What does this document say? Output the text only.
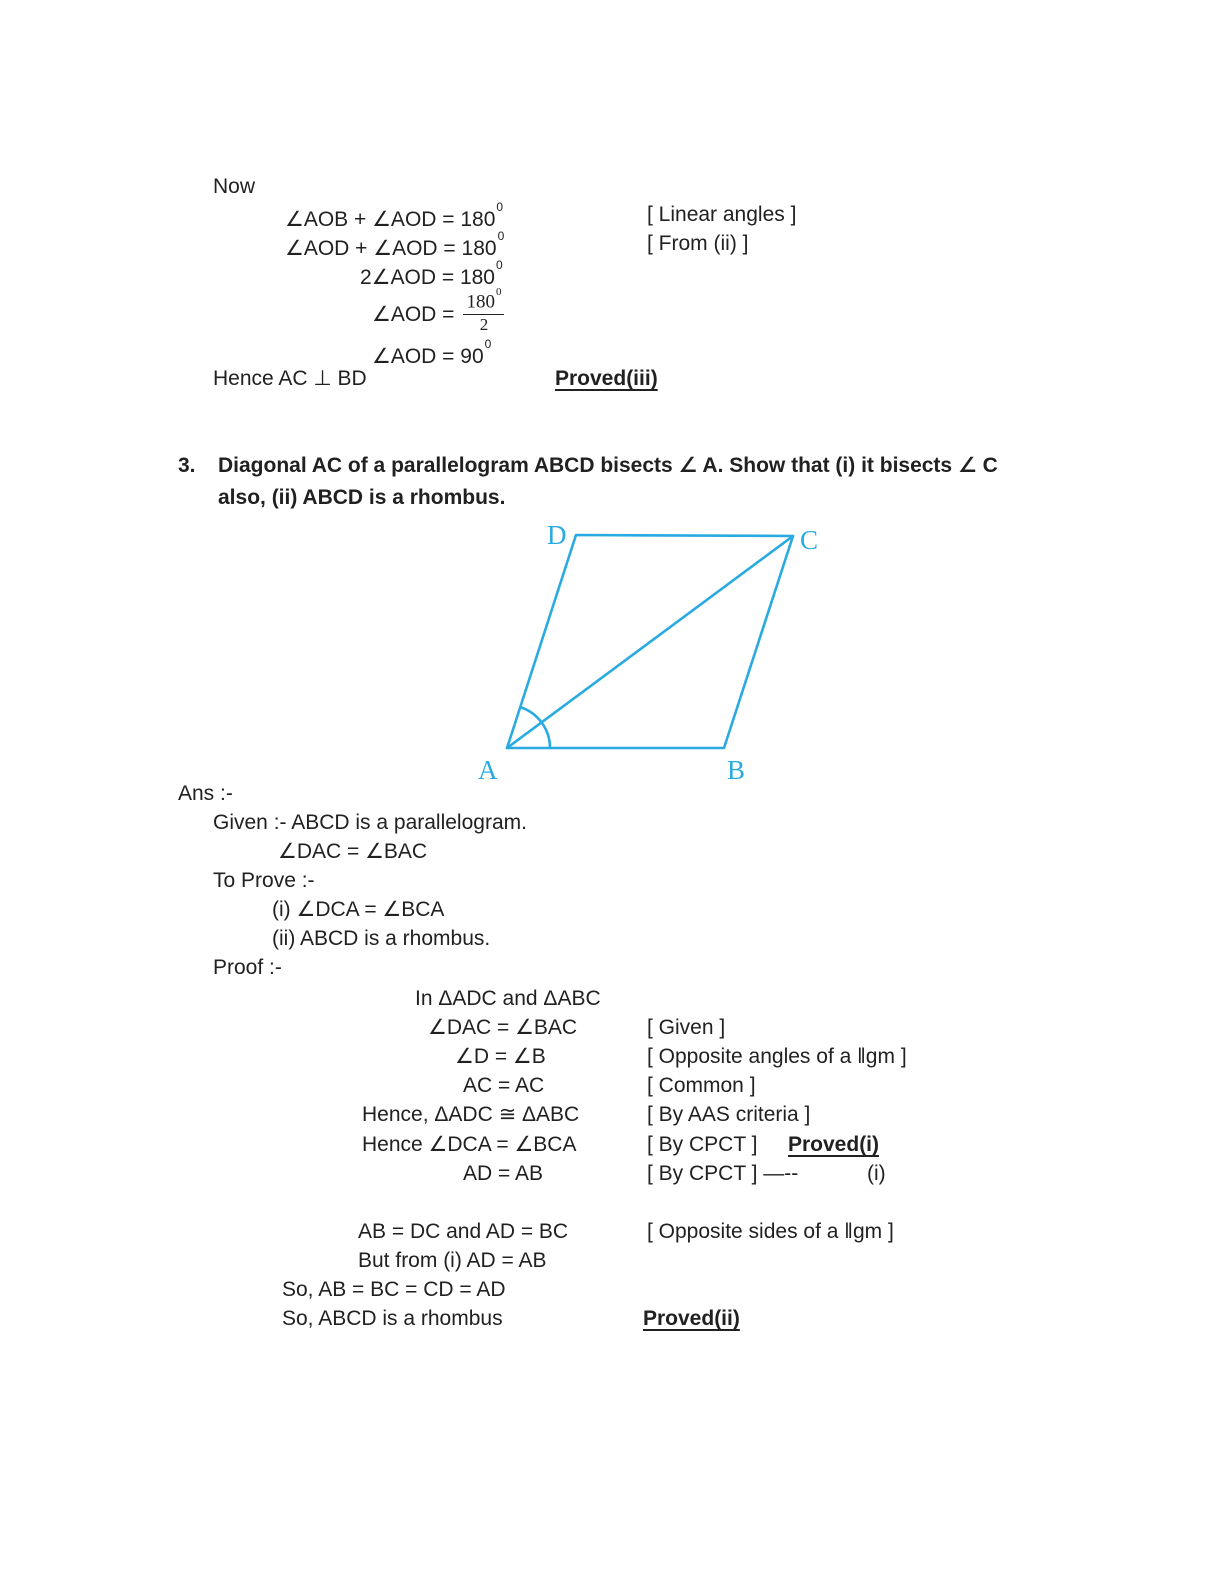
Now
∠AOB + ∠AOD = $180^0$	[ Linear angles ]
∠AOD + ∠AOD = $180^0$	[ From (ii) ]
2∠AOD = $180^0$
∠AOD = $\frac{180^0}{2}$
∠AOD = $90^0$
Hence AC ⊥ BD	Proved(iii)
3. Diagonal AC of a parallelogram ABCD bisects ∠ A. Show that (i) it bisects ∠ C
also, (ii) ABCD is a rhombus.
A	B
C
D
Ans :-
Given :- ABCD is a parallelogram.
∠DAC = ∠BAC
To Prove :-
(i) ∠DCA = ∠BCA
(ii) ABCD is a rhombus.
Proof :-
In ΔADC and ΔABC
∠DAC = ∠BAC	[ Given ]
∠D = ∠B	[ Opposite angles of a ‖gm ]
AC = AC	[ Common ]
Hence, ΔADC ≅ ΔABC	[ By AAS criteria ]
Hence ∠DCA = ∠BCA	[ By CPCT ] Proved(i)
AD = AB	[ By CPCT ] —--	(i)
AB = DC and AD = BC	[ Opposite sides of a ‖gm ]
But from (i) AD = AB
So, AB = BC = CD = AD
So, ABCD is a rhombus	Proved(ii)
